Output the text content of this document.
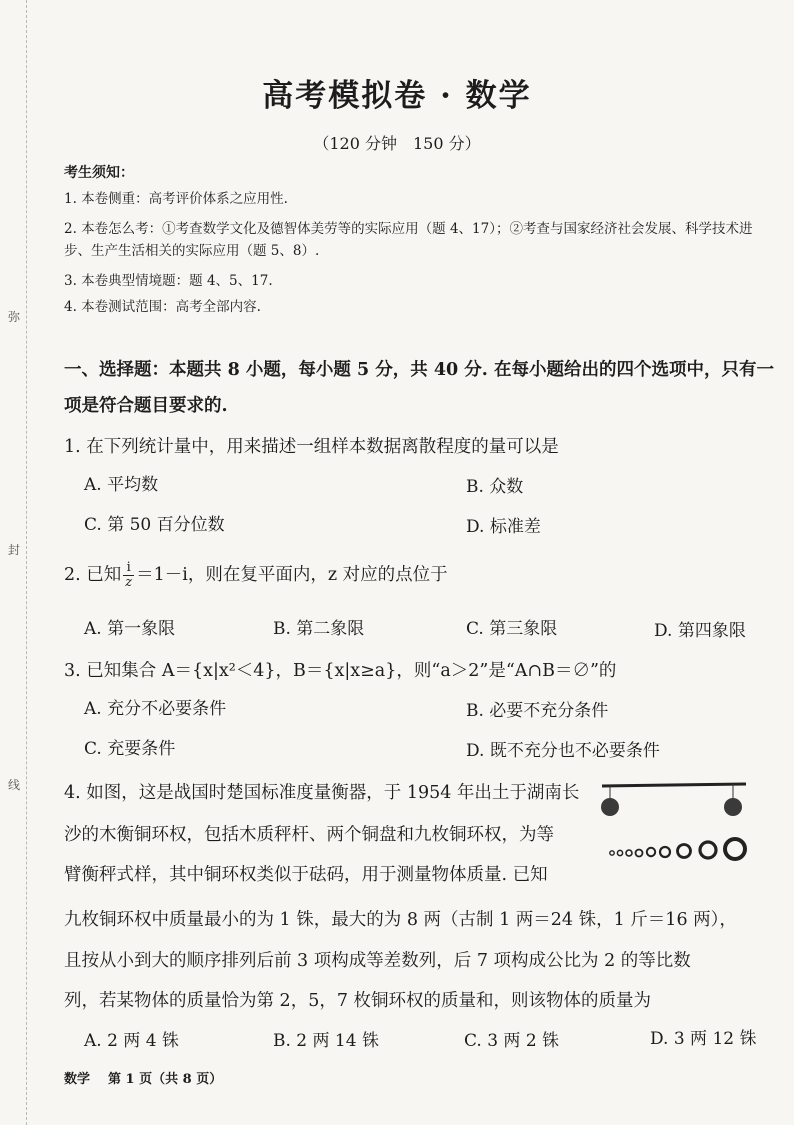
弥
封
线
高考模拟卷 · 数学
（120 分钟　150 分）
考生须知：
1. 本卷侧重：高考评价体系之应用性.
2. 本卷怎么考：①考查数学文化及德智体美劳等的实际应用（题 4、17）；②考查与国家经济社会发展、科学技术进步、生产生活相关的实际应用（题 5、8）.
3. 本卷典型情境题：题 4、5、17.
4. 本卷测试范围：高考全部内容.
一、选择题：本题共 8 小题，每小题 5 分，共 40 分. 在每小题给出的四个选项中，只有一项是符合题目要求的.
1. 在下列统计量中，用来描述一组样本数据离散程度的量可以是
A. 平均数	B. 众数
C. 第 50 百分位数	D. 标准差
2. 已知 $\frac{i}{z} =1-i$，则在复平面内，z 对应的点位于
A. 第一象限	B. 第二象限	C. 第三象限	D. 第四象限
3. 已知集合 A＝{x|x²＜4}，B＝{x|x≥a}，则“a＞2”是“A∩B＝∅”的
A. 充分不必要条件	B. 必要不充分条件
C. 充要条件	D. 既不充分也不必要条件
4. 如图，这是战国时楚国标准度量衡器，于 1954 年出土于湖南长
沙的木衡铜环权，包括木质秤杆、两个铜盘和九枚铜环权，为等
臂衡秤式样，其中铜环权类似于砝码，用于测量物体质量. 已知
九枚铜环权中质量最小的为 1 铢，最大的为 8 两（古制 1 两＝24 铢，1 斤＝16 两），
且按从小到大的顺序排列后前 3 项构成等差数列，后 7 项构成公比为 2 的等比数
列，若某物体的质量恰为第 2，5，7 枚铜环权的质量和，则该物体的质量为
A. 2 两 4 铢	B. 2 两 14 铢	C. 3 两 2 铢	D. 3 两 12 铢
数学 第 1 页（共 8 页）
